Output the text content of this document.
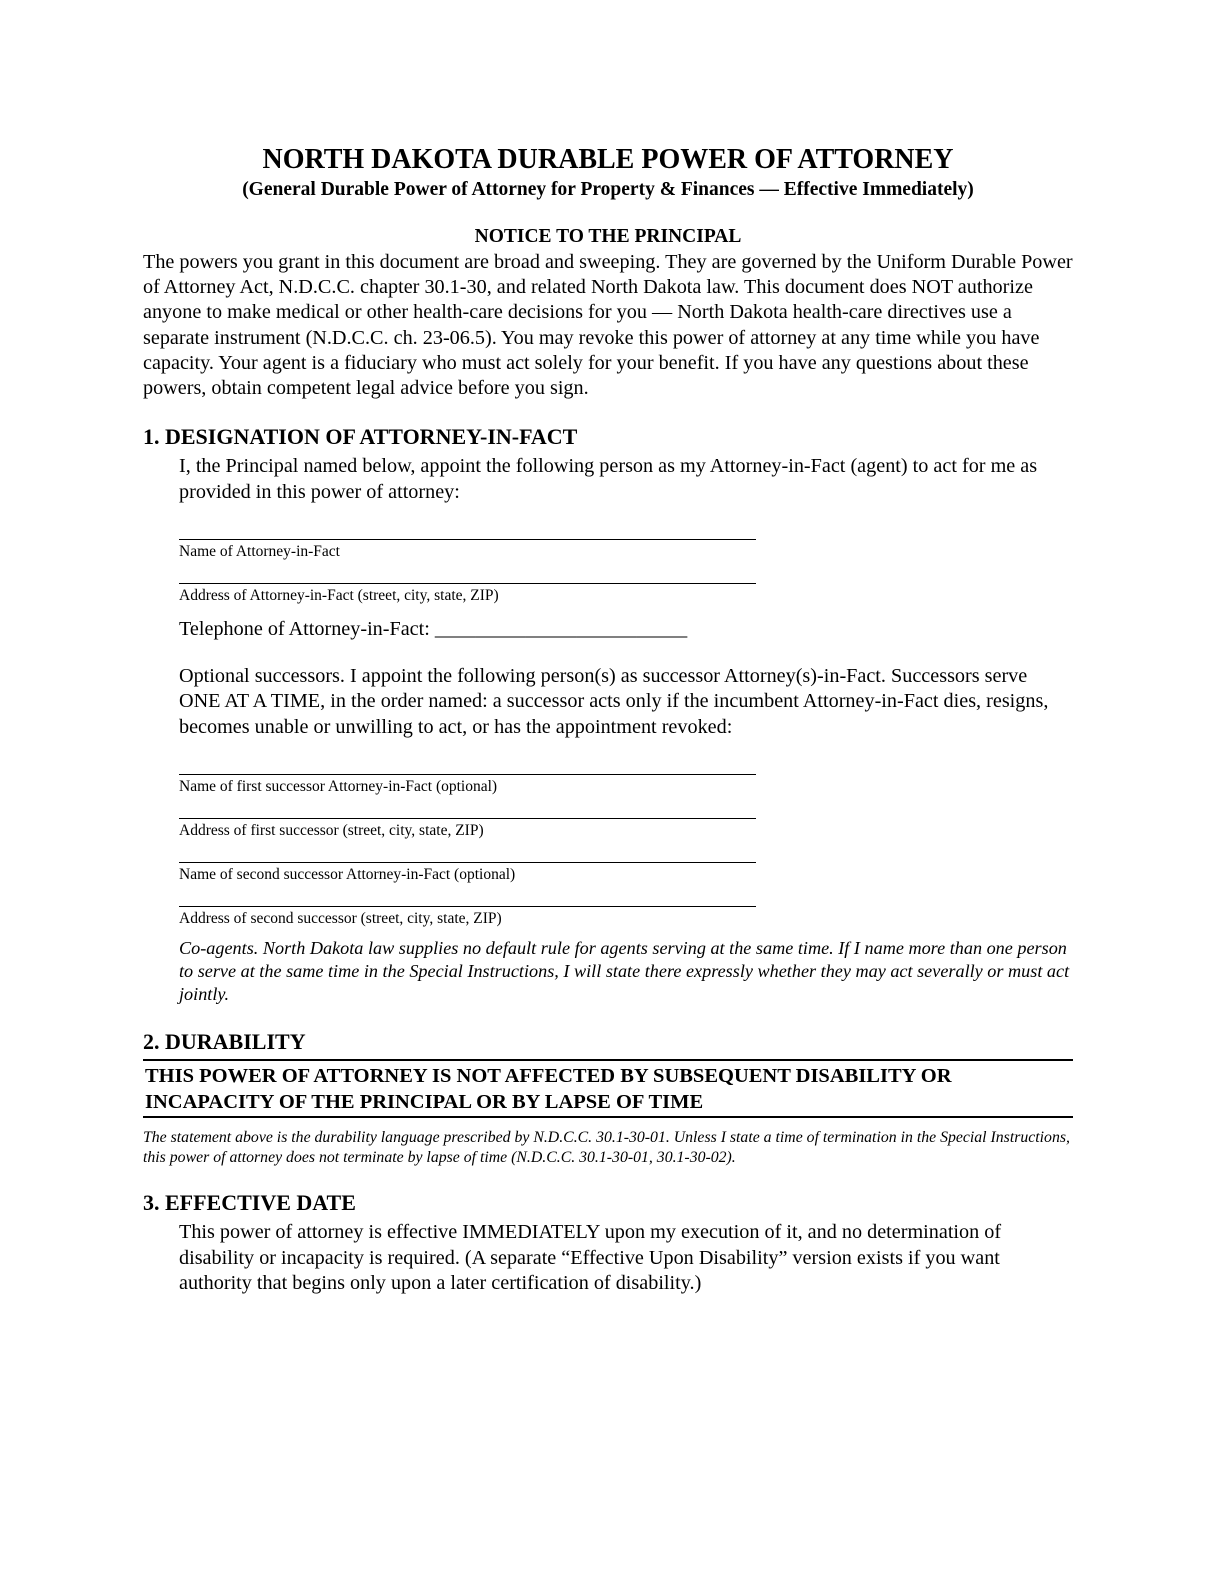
NORTH DAKOTA DURABLE POWER OF ATTORNEY
(General Durable Power of Attorney for Property & Finances — Effective Immediately)
NOTICE TO THE PRINCIPAL

The powers you grant in this document are broad and sweeping. They are governed by the Uniform Durable Power of Attorney Act, N.D.C.C. chapter 30.1-30, and related North Dakota law. This document does NOT authorize anyone to make medical or other health-care decisions for you — North Dakota health-care directives use a separate instrument (N.D.C.C. ch. 23-06.5). You may revoke this power of attorney at any time while you have capacity. Your agent is a fiduciary who must act solely for your benefit. If you have any questions about these powers, obtain competent legal advice before you sign.

1. DESIGNATION OF ATTORNEY-IN-FACT

I, the Principal named below, appoint the following person as my Attorney-in-Fact (agent) to act for me as provided in this power of attorney:

Name of Attorney-in-Fact
Address of Attorney-in-Fact (street, city, state, ZIP)
Telephone of Attorney-in-Fact: _________________________

Optional successors. I appoint the following person(s) as successor Attorney(s)-in-Fact. Successors serve ONE AT A TIME, in the order named: a successor acts only if the incumbent Attorney-in-Fact dies, resigns, becomes unable or unwilling to act, or has the appointment revoked:

Name of first successor Attorney-in-Fact (optional)
Address of first successor (street, city, state, ZIP)
Name of second successor Attorney-in-Fact (optional)
Address of second successor (street, city, state, ZIP)

Co-agents. North Dakota law supplies no default rule for agents serving at the same time. If I name more than one person to serve at the same time in the Special Instructions, I will state there expressly whether they may act severally or must act jointly.

2. DURABILITY
THIS POWER OF ATTORNEY IS NOT AFFECTED BY SUBSEQUENT DISABILITY OR INCAPACITY OF THE PRINCIPAL OR BY LAPSE OF TIME

The statement above is the durability language prescribed by N.D.C.C. 30.1-30-01. Unless I state a time of termination in the Special Instructions, this power of attorney does not terminate by lapse of time (N.D.C.C. 30.1-30-01, 30.1-30-02).

3. EFFECTIVE DATE

This power of attorney is effective IMMEDIATELY upon my execution of it, and no determination of disability or incapacity is required. (A separate “Effective Upon Disability” version exists if you want authority that begins only upon a later certification of disability.)
